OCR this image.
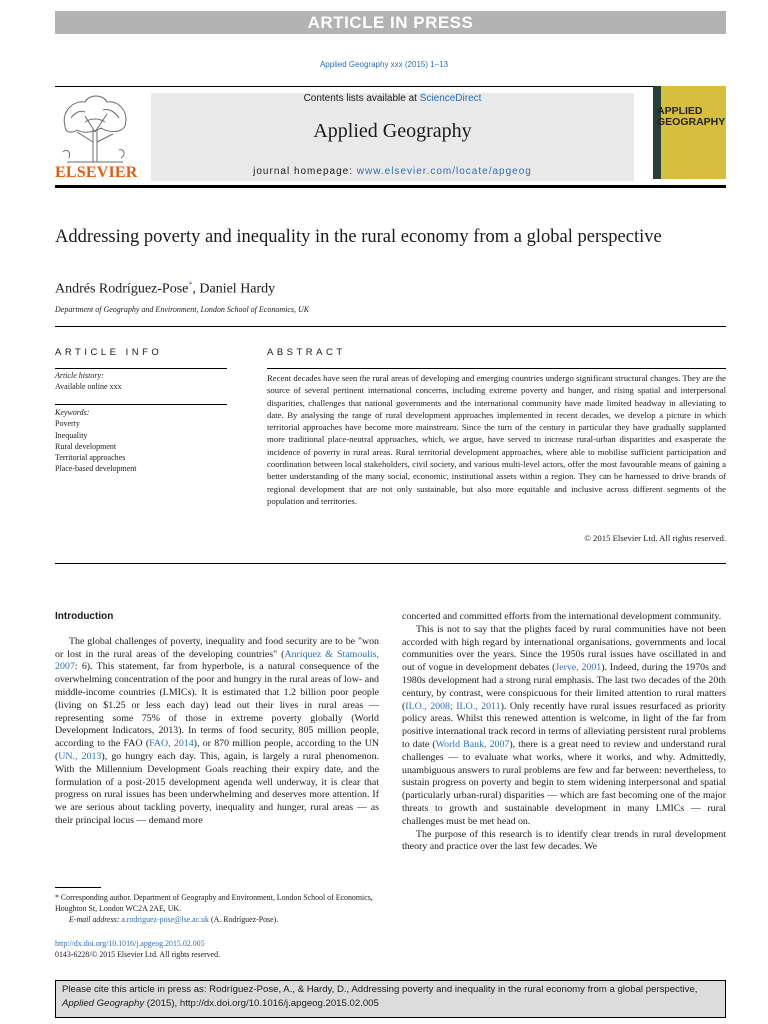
ARTICLE IN PRESS
Applied Geography xxx (2015) 1–13
ELSEVIER
Contents lists available at ScienceDirect
Applied Geography
journal homepage: www.elsevier.com/locate/apgeog
APPLIED
GEOGRAPHY
Addressing poverty and inequality in the rural economy from a global perspective
Andrés Rodríguez-Pose*, Daniel Hardy
Department of Geography and Environment, London School of Economics, UK
ARTICLE INFO
Article history:
Available online xxx
Keywords:
Poverty
Inequality
Rural development
Territorial approaches
Place-based development
ABSTRACT
Recent decades have seen the rural areas of developing and emerging countries undergo significant structural changes. They are the source of several pertinent international concerns, including extreme poverty and hunger, and rising spatial and interpersonal disparities, challenges that national governments and the international community have made limited headway in alleviating to date. By analysing the range of rural development approaches implemented in recent decades, we develop a picture in which territorial approaches have become more mainstream. Since the turn of the century in particular they have gradually supplanted more traditional place-neutral approaches, which, we argue, have served to increase rural-urban disparities and exasperate the incidence of poverty in rural areas. Rural territorial development approaches, where able to mobilise sufficient participation and coordination between local stakeholders, civil society, and various multi-level actors, offer the most favourable means of gaining a better understanding of the many social, economic, institutional assets within a region. They can be harnessed to drive brands of regional development that are not only sustainable, but also more equitable and inclusive across different segments of the population and territories.
© 2015 Elsevier Ltd. All rights reserved.
Introduction

The global challenges of poverty, inequality and food security are to be "won or lost in the rural areas of the developing countries" (Anríquez & Stamoulis, 2007: 6). This statement, far from hyperbole, is a natural consequence of the overwhelming concentration of the poor and hungry in the rural areas of low- and middle-income countries (LMICs). It is estimated that 1.2 billion poor people (living on $1.25 or less each day) lead out their lives in rural areas — representing some 75% of those in extreme poverty globally (World Development Indicators, 2013). In terms of food security, 805 million people, according to the FAO (FAO, 2014), or 870 million people, according to the UN (UN., 2013), go hungry each day. This, again, is largely a rural phenomenon. With the Millennium Development Goals reaching their expiry date, and the formulation of a post-2015 development agenda well underway, it is clear that progress on rural issues has been underwhelming and deserves more attention. If we are serious about tackling poverty, inequality and hunger, rural areas — as their principal locus — demand more

concerted and committed efforts from the international development community.

This is not to say that the plights faced by rural communities have not been accorded with high regard by international organisations, governments and local communities over the years. Since the 1950s rural issues have oscillated in and out of vogue in development debates (Jerve, 2001). Indeed, during the 1970s and 1980s development had a strong rural emphasis. The last two decades of the 20th century, by contrast, were conspicuous for their limited attention to rural matters (ILO., 2008; ILO., 2011). Only recently have rural issues resurfaced as priority policy areas. Whilst this renewed attention is welcome, in light of the far from positive international track record in terms of alleviating persistent rural problems to date (World Bank, 2007), there is a great need to review and understand rural challenges — to evaluate what works, where it works, and why. Admittedly, unambiguous answers to rural problems are few and far between: nevertheless, to sustain progress on poverty and begin to stem widening interpersonal and spatial (particularly urban-rural) disparities — which are fast becoming one of the major threats to growth and sustainable development in many LMICs — rural challenges must be met head on.

The purpose of this research is to identify clear trends in rural development theory and practice over the last few decades. We

* Corresponding author. Department of Geography and Environment, London School of Economics, Houghton St, London WC2A 2AE, UK.
E-mail address: a.rodriguez-pose@lse.ac.uk (A. Rodríguez-Pose).
http://dx.doi.org/10.1016/j.apgeog.2015.02.005
0143-6228/© 2015 Elsevier Ltd. All rights reserved.
Please cite this article in press as: Rodríguez-Pose, A., & Hardy, D., Addressing poverty and inequality in the rural economy from a global perspective, Applied Geography (2015), http://dx.doi.org/10.1016/j.apgeog.2015.02.005
